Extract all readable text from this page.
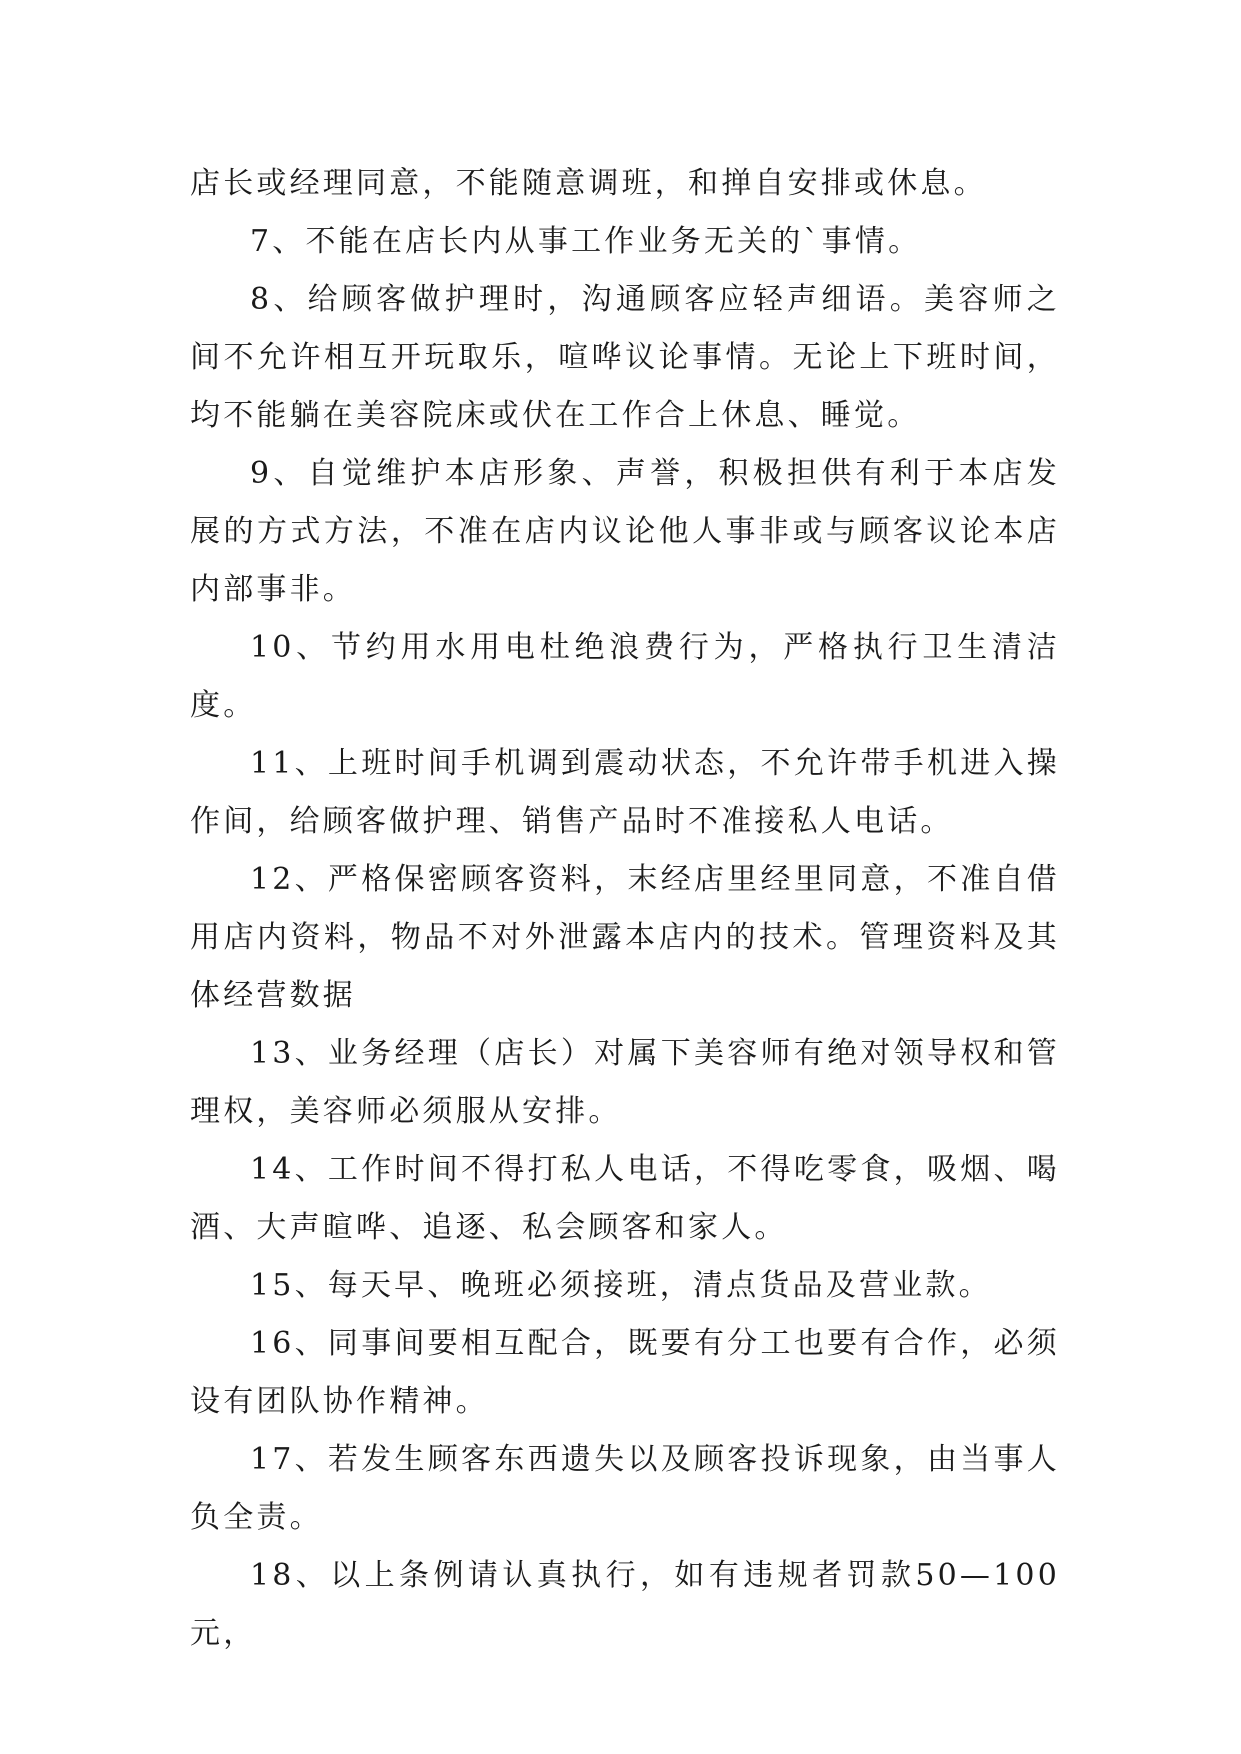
店长或经理同意，不能随意调班，和掸自安排或休息。

7、不能在店长内从事工作业务无关的`事情。

8、给顾客做护理时，沟通顾客应轻声细语。美容师之间不允许相互开玩取乐，喧哗议论事情。无论上下班时间，均不能躺在美容院床或伏在工作合上休息、睡觉。

9、自觉维护本店形象、声誉，积极担供有利于本店发展的方式方法，不准在店内议论他人事非或与顾客议论本店内部事非。

10、节约用水用电杜绝浪费行为，严格执行卫生清洁度。

11、上班时间手机调到震动状态，不允许带手机进入操作间，给顾客做护理、销售产品时不准接私人电话。

12、严格保密顾客资料，末经店里经里同意，不准自借用店内资料，物品不对外泄露本店内的技术。管理资料及其体经营数据

13、业务经理（店长）对属下美容师有绝对领导权和管理权，美容师必须服从安排。

14、工作时间不得打私人电话，不得吃零食，吸烟、喝酒、大声暄哗、追逐、私会顾客和家人。

15、每天早、晚班必须接班，清点货品及营业款。

16、同事间要相互配合，既要有分工也要有合作，必须设有团队协作精神。

17、若发生顾客东西遗失以及顾客投诉现象，由当事人负全责。

18、以上条例请认真执行，如有违规者罚款50—100元，
